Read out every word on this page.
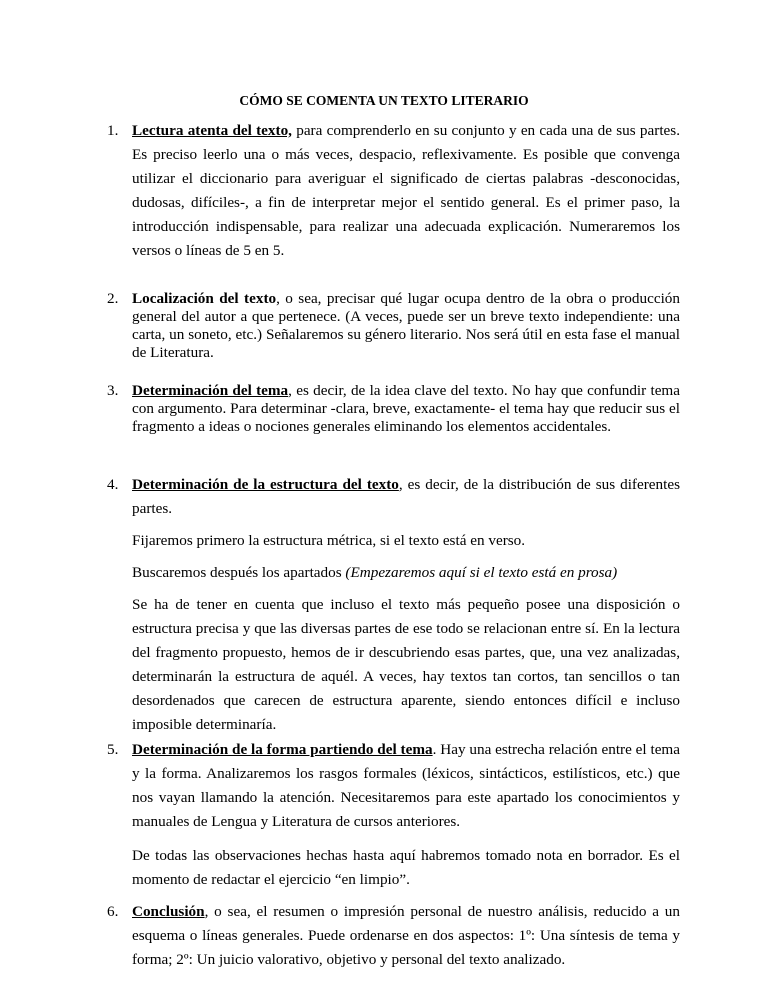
CÓMO SE COMENTA UN TEXTO LITERARIO
1. Lectura atenta del texto, para comprenderlo en su conjunto y en cada una de sus partes. Es preciso leerlo una o más veces, despacio, reflexivamente. Es posible que convenga utilizar el diccionario para averiguar el significado de ciertas palabras -desconocidas, dudosas, difíciles-, a fin de interpretar mejor el sentido general. Es el primer paso, la introducción indispensable, para realizar una adecuada explicación. Numeraremos los versos o líneas de 5 en 5.

2. Localización del texto, o sea, precisar qué lugar ocupa dentro de la obra o producción general del autor a que pertenece. (A veces, puede ser un breve texto independiente: una carta, un soneto, etc.) Señalaremos su género literario. Nos será útil en esta fase el manual de Literatura.

3. Determinación del tema, es decir, de la idea clave del texto. No hay que confundir tema con argumento. Para determinar -clara, breve, exactamente- el tema hay que reducir sus el fragmento a ideas o nociones generales eliminando los elementos accidentales.

4. Determinación de la estructura del texto, es decir, de la distribución de sus diferentes partes.

Fijaremos primero la estructura métrica, si el texto está en verso.

Buscaremos después los apartados (Empezaremos aquí si el texto está en prosa)

Se ha de tener en cuenta que incluso el texto más pequeño posee una disposición o estructura precisa y que las diversas partes de ese todo se relacionan entre sí. En la lectura del fragmento propuesto, hemos de ir descubriendo esas partes, que, una vez analizadas, determinarán la estructura de aquél. A veces, hay textos tan cortos, tan sencillos o tan desordenados que carecen de estructura aparente, siendo entonces difícil e incluso imposible determinaría.

5. Determinación de la forma partiendo del tema. Hay una estrecha relación entre el tema y la forma. Analizaremos los rasgos formales (léxicos, sintácticos, estilísticos, etc.) que nos vayan llamando la atención. Necesitaremos para este apartado los conocimientos y manuales de Lengua y Literatura de cursos anteriores.

De todas las observaciones hechas hasta aquí habremos tomado nota en borrador. Es el momento de redactar el ejercicio “en limpio”.

6. Conclusión, o sea, el resumen o impresión personal de nuestro análisis, reducido a un esquema o líneas generales. Puede ordenarse en dos aspectos: 1º: Una síntesis de tema y forma; 2º: Un juicio valorativo, objetivo y personal del texto analizado.
